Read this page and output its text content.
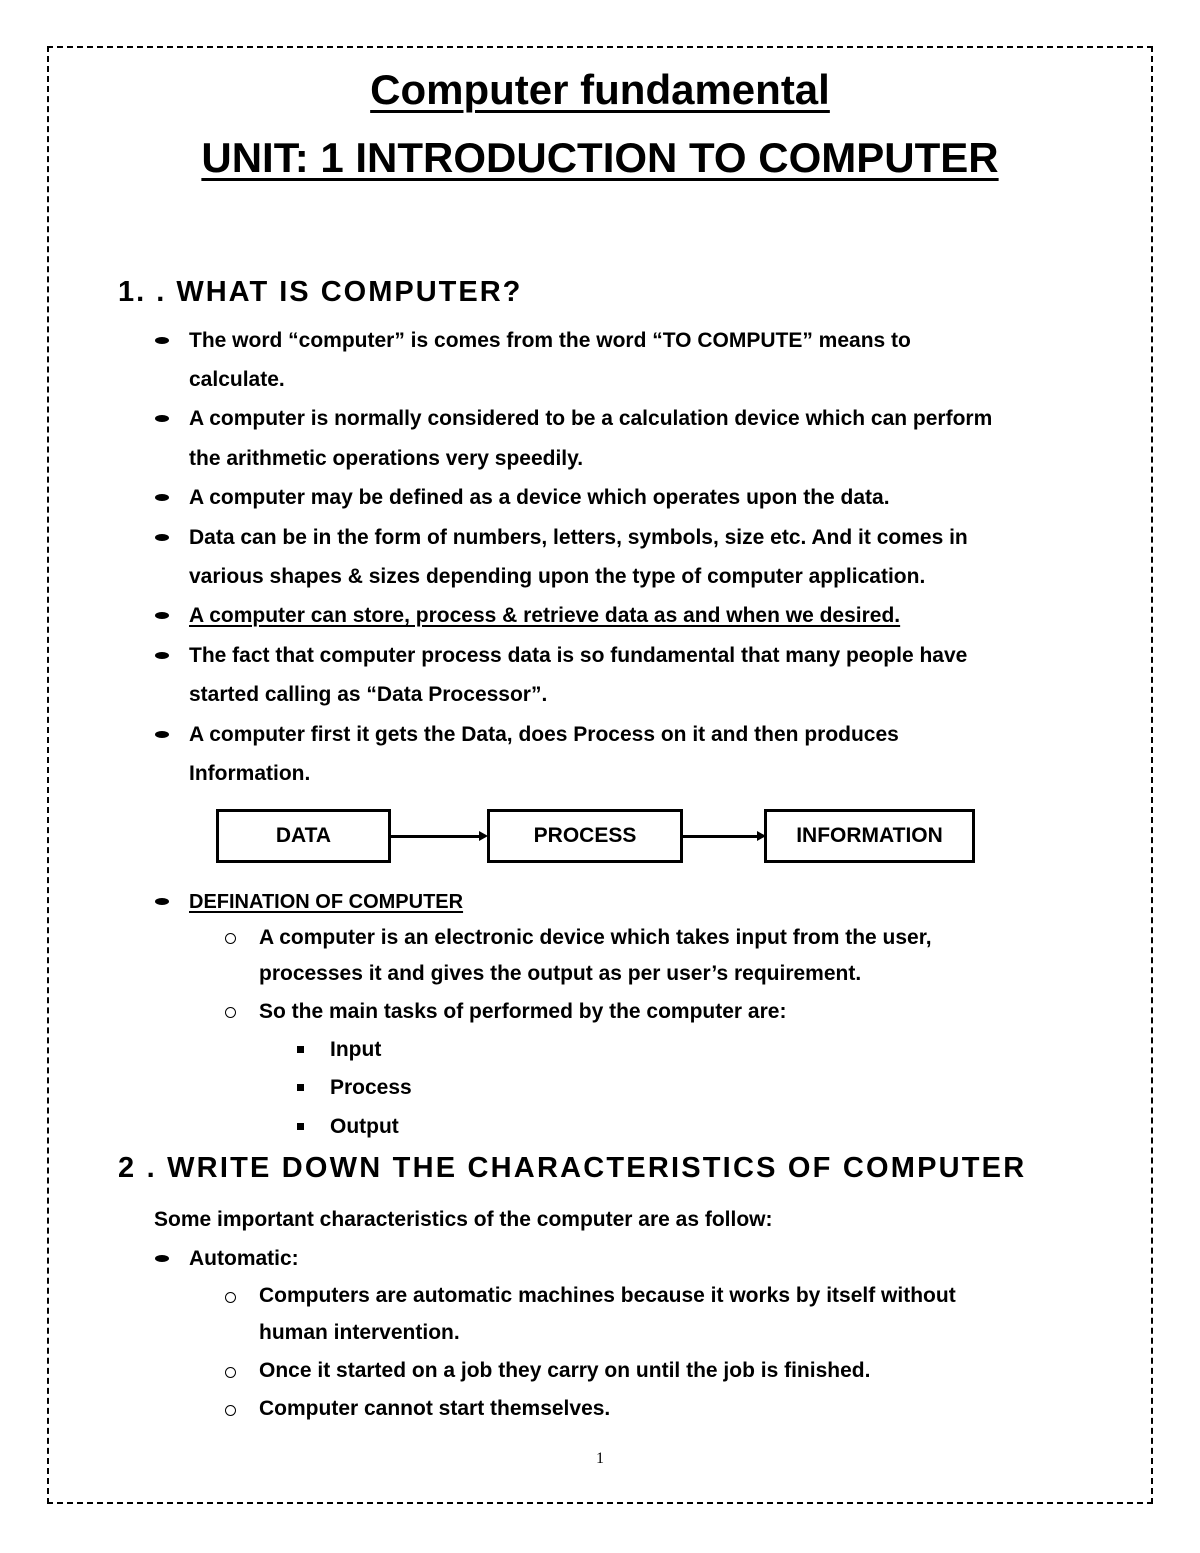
Computer fundamental
UNIT: 1 INTRODUCTION TO COMPUTER
1. . WHAT IS COMPUTER?
The word “computer” is comes from the word “TO COMPUTE” means to
calculate.
A computer is normally considered to be a calculation device which can perform
the arithmetic operations very speedily.
A computer may be defined as a device which operates upon the data.
Data can be in the form of numbers, letters, symbols, size etc. And it comes in
various shapes & sizes depending upon the type of computer application.
A computer can store, process & retrieve data as and when we desired.
The fact that computer process data is so fundamental that many people have
started calling as “Data Processor”.
A computer first it gets the Data, does Process on it and then produces
Information.
DATA	PROCESS	INFORMATION
DEFINATION OF COMPUTER
A computer is an electronic device which takes input from the user,
processes it and gives the output as per user’s requirement.
So the main tasks of performed by the computer are:
Input
Process
Output
2 . WRITE DOWN THE CHARACTERISTICS OF COMPUTER
Some important characteristics of the computer are as follow:
Automatic:
Computers are automatic machines because it works by itself without
human intervention.
Once it started on a job they carry on until the job is finished.
Computer cannot start themselves.
1
